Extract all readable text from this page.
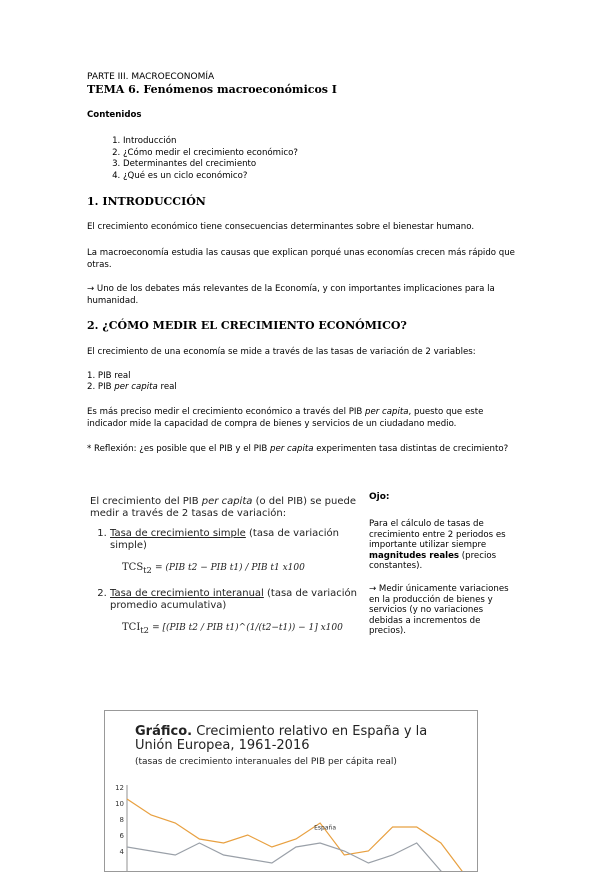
PARTE III. MACROECONOMÍA
TEMA 6. Fenómenos macroeconómicos I
Contenidos
1. Introducción
2. ¿Cómo medir el crecimiento económico?
3. Determinantes del crecimiento
4. ¿Qué es un ciclo económico?
1. INTRODUCCIÓN
El crecimiento económico tiene consecuencias determinantes sobre el bienestar humano.
La macroeconomía estudia las causas que explican porqué unas economías crecen más rápido que otras.
→ Uno de los debates más relevantes de la Economía, y con importantes implicaciones para la humanidad.
2. ¿CÓMO MEDIR EL CRECIMIENTO ECONÓMICO?
El crecimiento de una economía se mide a través de las tasas de variación de 2 variables:
1. PIB real
2. PIB per capita real
Es más preciso medir el crecimiento económico a través del PIB per capita, puesto que este indicador mide la capacidad de compra de bienes y servicios de un ciudadano medio.
* Reflexión: ¿es posible que el PIB y el PIB per capita experimenten tasa distintas de crecimiento?
El crecimiento del PIB per capita (o del PIB) se puede medir a través de 2 tasas de variación:
1. Tasa de crecimiento simple (tasa de variación simple)
$TCS_{t2} = (PIB$ t2 − PIB t1) / PIB t1 x100
2. Tasa de crecimiento interanual (tasa de variación promedio acumulativa)
$TCI_{t2} = [(PIB$ t2 / PIB t1)^(1/(t2−t1)) − 1] x100
Ojo:
Para el cálculo de tasas de crecimiento entre 2 periodos es importante utilizar siempre magnitudes reales (precios constantes).
→ Medir únicamente variaciones en la producción de bienes y servicios (y no variaciones debidas a incrementos de precios).
Gráfico. Crecimiento relativo en España y la Unión Europea, 1961-2016
(tasas de crecimiento interanuales del PIB per cápita real)
12
10
8
6
4
España
